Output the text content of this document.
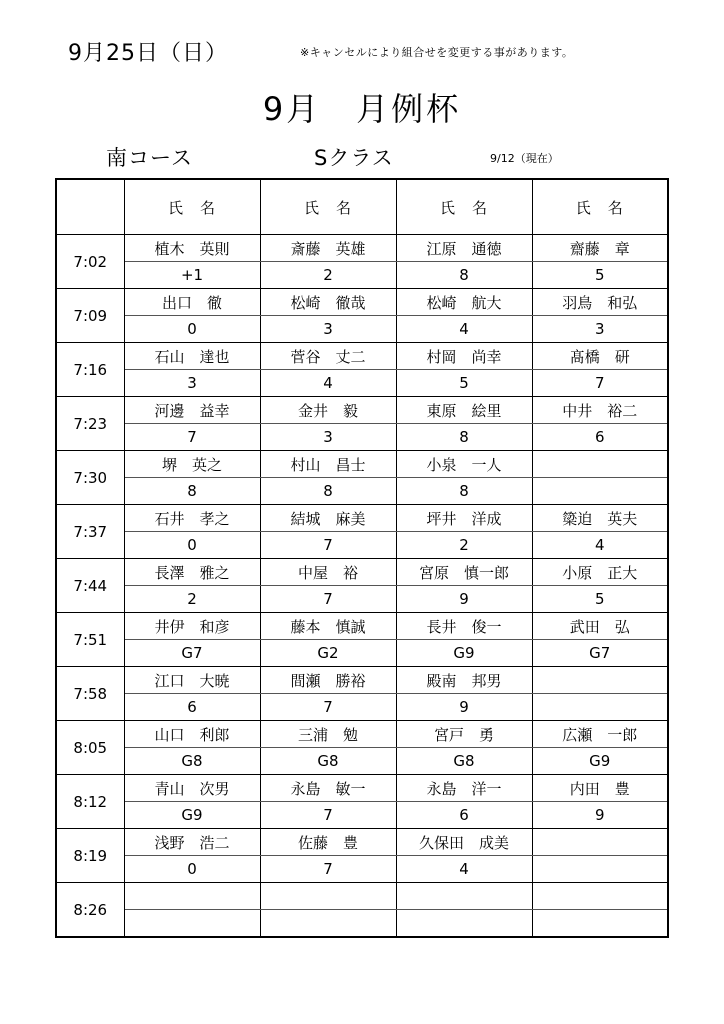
9月25日（日）	※キャンセルにより組合せを変更する事があります。
9月　月例杯
南コース	Sクラス	9/12（現在）
	氏　名	氏　名	氏　名	氏　名
7:02	植木　英則	斎藤　英雄	江原　通徳	齋藤　章
	+1	2	8	5
7:09	出口　徹	松崎　徹哉	松崎　航大	羽鳥　和弘
	0	3	4	3
7:16	石山　達也	菅谷　丈二	村岡　尚幸	髙橋　研
	3	4	5	7
7:23	河邊　益幸	金井　毅	東原　絵里	中井　裕二
	7	3	8	6
7:30	堺　英之	村山　昌士	小泉　一人	
	8	8	8	
7:37	石井　孝之	結城　麻美	坪井　洋成	簗迫　英夫
	0	7	2	4
7:44	長澤　雅之	中屋　裕	宮原　慎一郎	小原　正大
	2	7	9	5
7:51	井伊　和彦	藤本　慎誠	長井　俊一	武田　弘
	G7	G2	G9	G7
7:58	江口　大暁	間瀬　勝裕	殿南　邦男	
	6	7	9	
8:05	山口　利郎	三浦　勉	宮戸　勇	広瀬　一郎
	G8	G8	G8	G9
8:12	青山　次男	永島　敏一	永島　洋一	内田　豊
	G9	7	6	9
8:19	浅野　浩二	佐藤　豊	久保田　成美	
	0	7	4	
8:26				
